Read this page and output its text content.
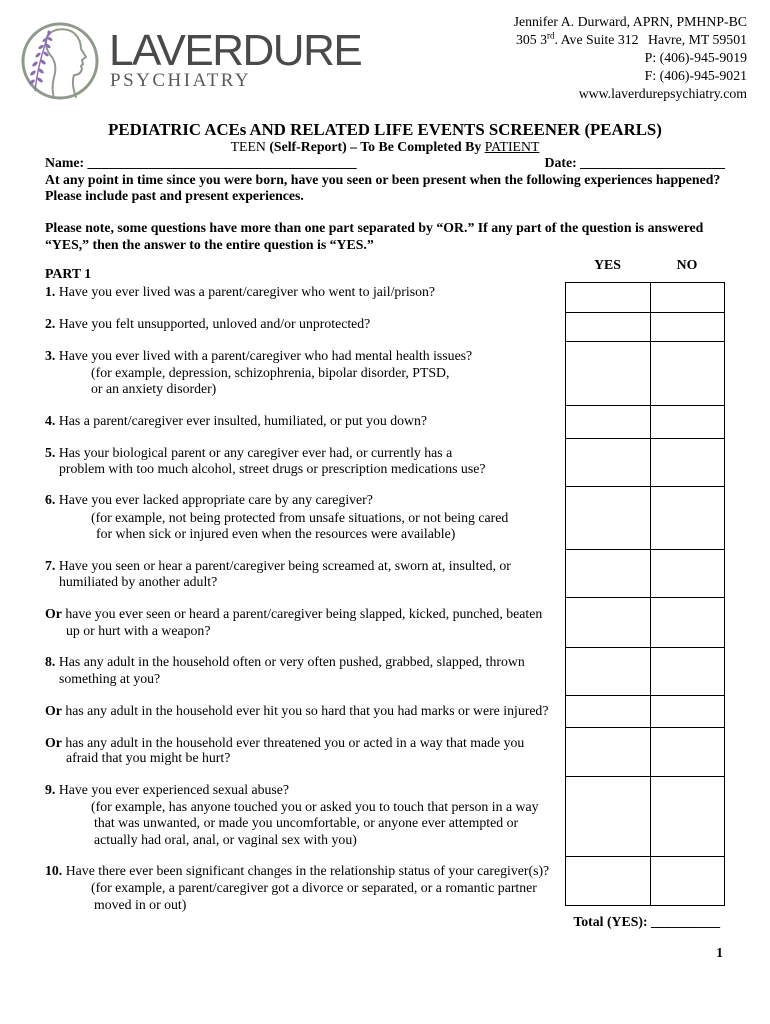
LAVERDURE
PSYCHIATRY
Jennifer A. Durward, APRN, PMHNP-BC
305 3rd. Ave Suite 312 Havre, MT 59501
P: (406)-945-9019
F: (406)-945-9021
www.laverdurepsychiatry.com
PEDIATRIC ACEs AND RELATED LIFE EVENTS SCREENER (PEARLS)
TEEN (Self-Report) – To Be Completed By PATIENT
Name: _______________________________________	Date: _____________________
At any point in time since you were born, have you seen or been present when the following experiences happened?
Please include past and present experiences.
Please note, some questions have more than one part separated by “OR.” If any part of the question is answered
“YES,” then the answer to the entire question is “YES.”
YES	NO
PART 1
1. Have you ever lived was a parent/caregiver who went to jail/prison?
2. Have you felt unsupported, unloved and/or unprotected?
3. Have you ever lived with a parent/caregiver who had mental health issues?
(for example, depression, schizophrenia, bipolar disorder, PTSD,
or an anxiety disorder)
4. Has a parent/caregiver ever insulted, humiliated, or put you down?
5. Has your biological parent or any caregiver ever had, or currently has a
problem with too much alcohol, street drugs or prescription medications use?
6. Have you ever lacked appropriate care by any caregiver?
(for example, not being protected from unsafe situations, or not being cared
for when sick or injured even when the resources were available)
7. Have you seen or hear a parent/caregiver being screamed at, sworn at, insulted, or
humiliated by another adult?
Or have you ever seen or heard a parent/caregiver being slapped, kicked, punched, beaten
up or hurt with a weapon?
8. Has any adult in the household often or very often pushed, grabbed, slapped, thrown
something at you?
Or has any adult in the household ever hit you so hard that you had marks or were injured?
Or has any adult in the household ever threatened you or acted in a way that made you
afraid that you might be hurt?
9. Have you ever experienced sexual abuse?
(for example, has anyone touched you or asked you to touch that person in a way
that was unwanted, or made you uncomfortable, or anyone ever attempted or
actually had oral, anal, or vaginal sex with you)
10. Have there ever been significant changes in the relationship status of your caregiver(s)?
(for example, a parent/caregiver got a divorce or separated, or a romantic partner
moved in or out)
Total (YES): __________
1
